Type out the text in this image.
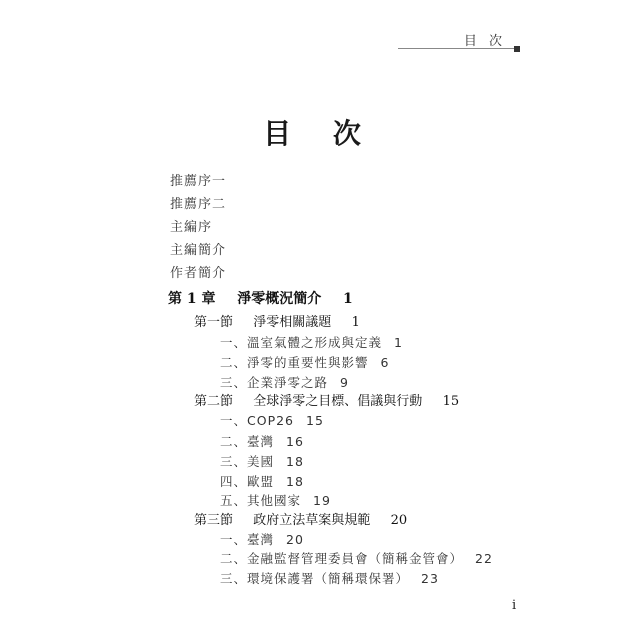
目 次
目 次
推薦序一
推薦序二
主編序
主編簡介
作者簡介
第 1 章 淨零概況簡介 1
第一節 淨零相關議題 1
一、溫室氣體之形成與定義 1
二、淨零的重要性與影響 6
三、企業淨零之路 9
第二節 全球淨零之目標、倡議與行動 15
一、COP26 15
二、臺灣 16
三、美國 18
四、歐盟 18
五、其他國家 19
第三節 政府立法草案與規範 20
一、臺灣 20
二、金融監督管理委員會（簡稱金管會） 22
三、環境保護署（簡稱環保署） 23
i
